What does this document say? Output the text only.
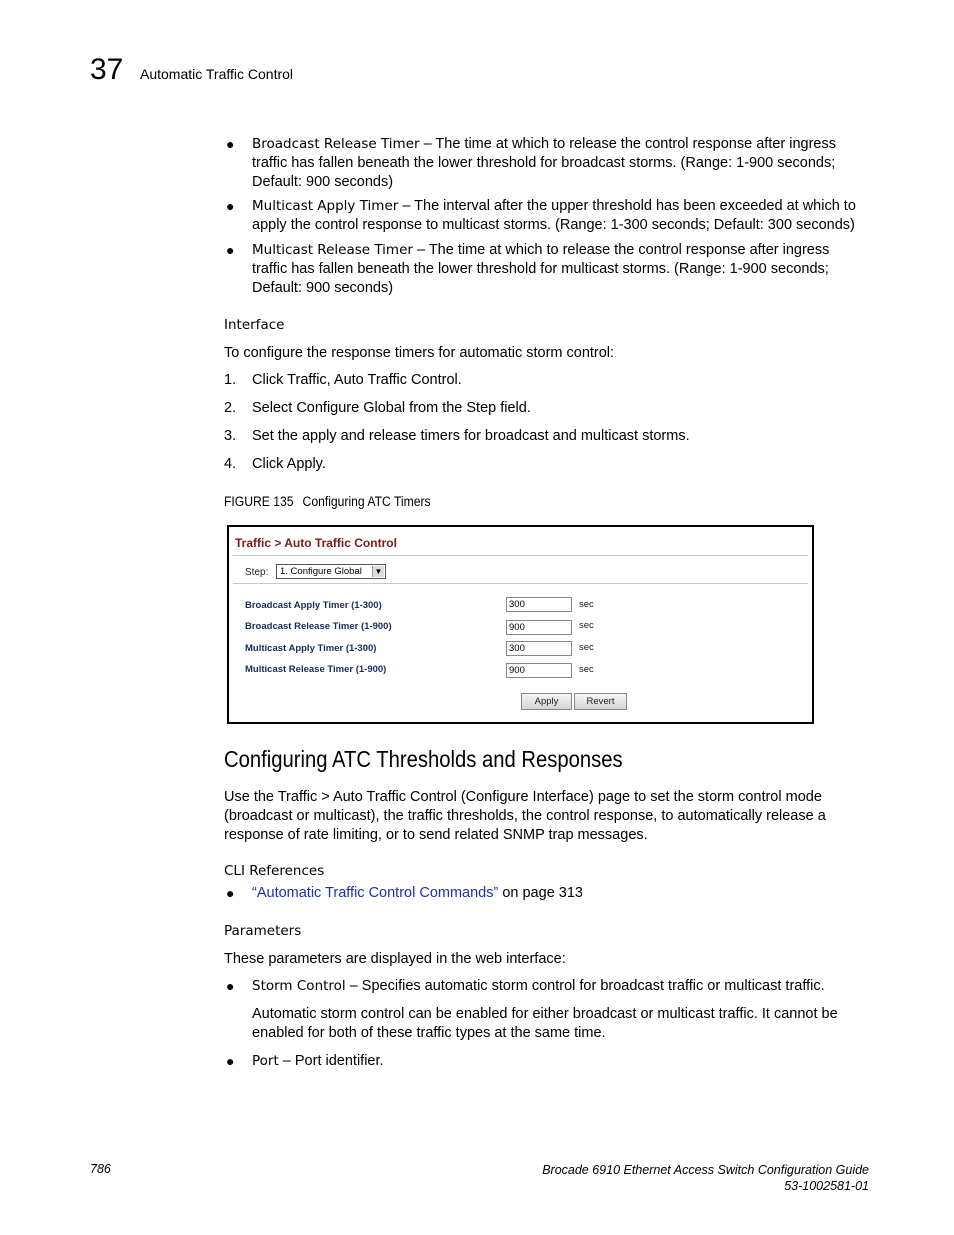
37 Automatic Traffic Control
● Broadcast Release Timer – The time at which to release the control response after ingress
traffic has fallen beneath the lower threshold for broadcast storms. (Range: 1-900 seconds;
Default: 900 seconds)
● Multicast Apply Timer – The interval after the upper threshold has been exceeded at which to
apply the control response to multicast storms. (Range: 1-300 seconds; Default: 300 seconds)
● Multicast Release Timer – The time at which to release the control response after ingress
traffic has fallen beneath the lower threshold for multicast storms. (Range: 1-900 seconds;
Default: 900 seconds)
Interface
To configure the response timers for automatic storm control:
1. Click Traffic, Auto Traffic Control.
2. Select Configure Global from the Step field.
3. Set the apply and release timers for broadcast and multicast storms.
4. Click Apply.
FIGURE 135 Configuring ATC Timers
Traffic > Auto Traffic Control
Step:	1. Configure Global	▼
Broadcast Apply Timer (1-300)	300	sec
Broadcast Release Timer (1-900)	900	sec
Multicast Apply Timer (1-300)	300	sec
Multicast Release Timer (1-900)	900	sec
Apply	Revert
Configuring ATC Thresholds and Responses
Use the Traffic > Auto Traffic Control (Configure Interface) page to set the storm control mode
(broadcast or multicast), the traffic thresholds, the control response, to automatically release a
response of rate limiting, or to send related SNMP trap messages.
CLI References
● “Automatic Traffic Control Commands” on page 313
Parameters
These parameters are displayed in the web interface:
● Storm Control – Specifies automatic storm control for broadcast traffic or multicast traffic.
Automatic storm control can be enabled for either broadcast or multicast traffic. It cannot be
enabled for both of these traffic types at the same time.
● Port – Port identifier.
786	Brocade 6910 Ethernet Access Switch Configuration Guide
53-1002581-01
